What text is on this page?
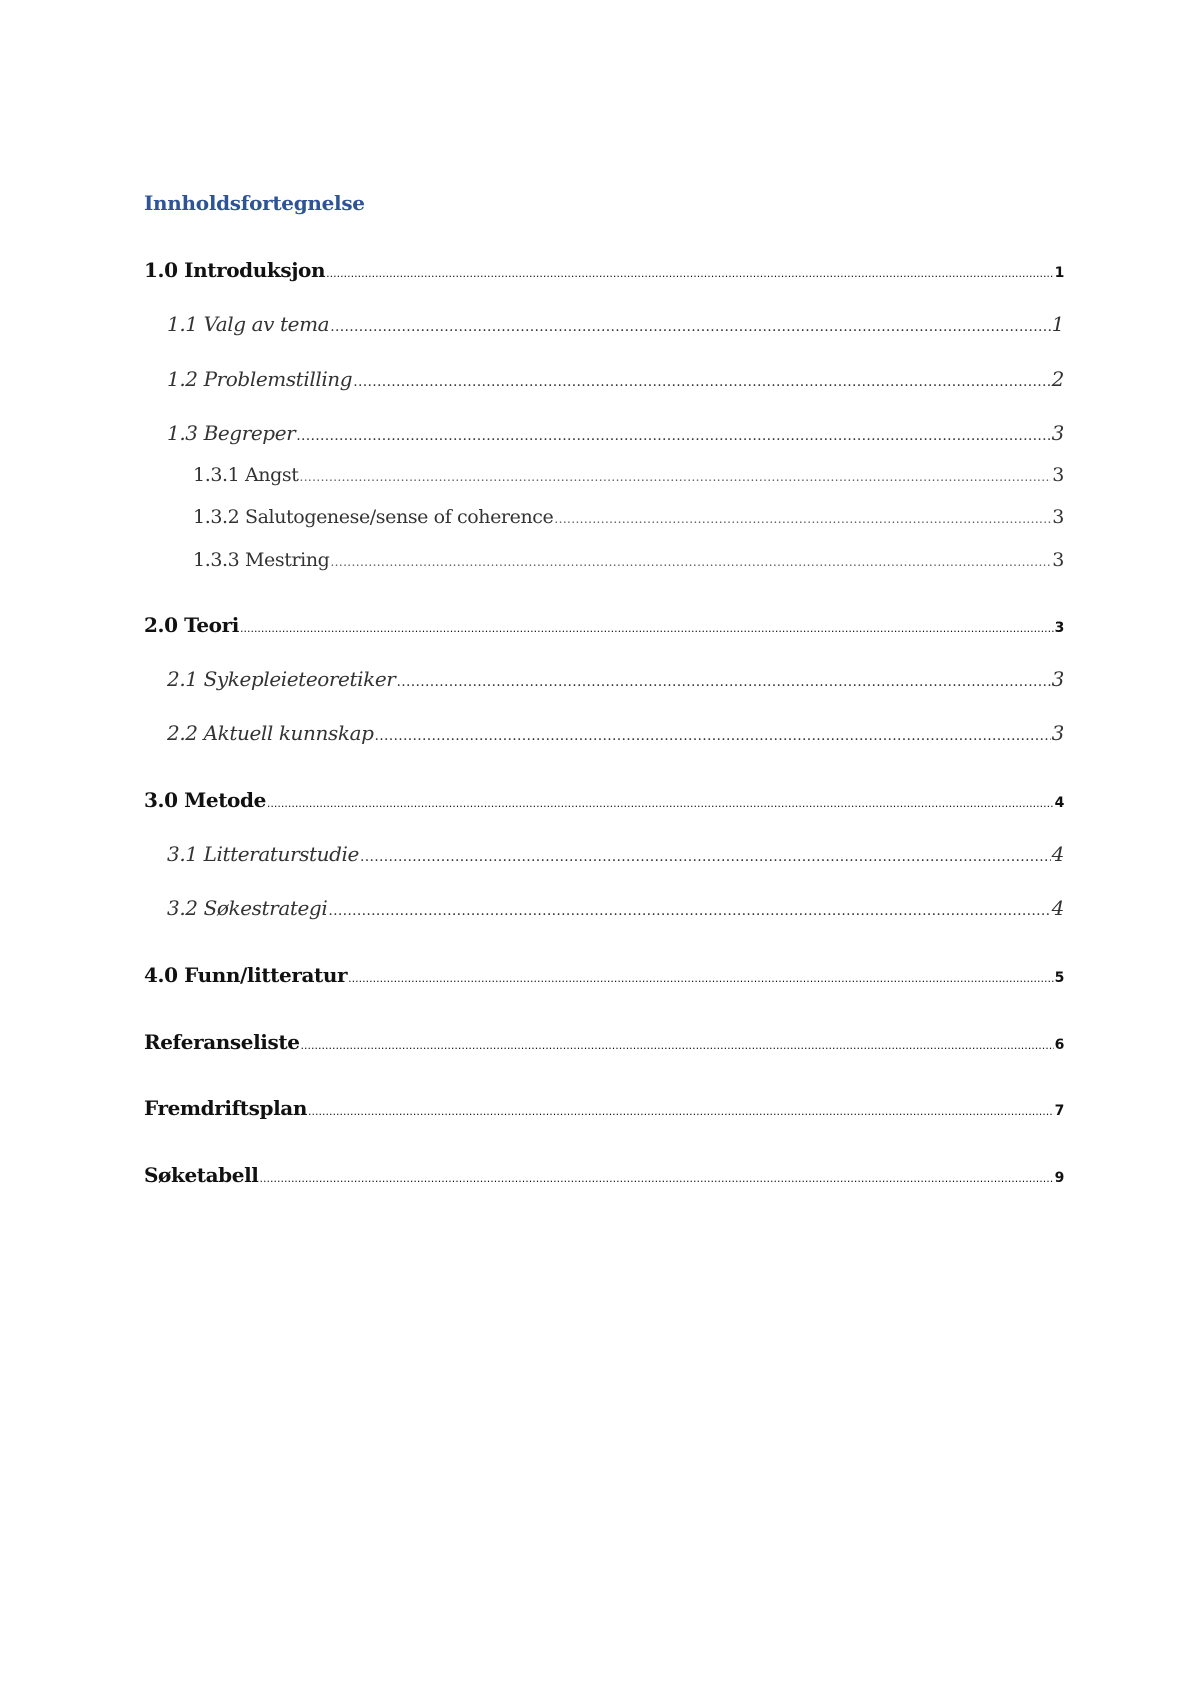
Innholdsfortegnelse
1.0 Introduksjon .....	1
1.1 Valg av tema .....	1
1.2 Problemstilling .....	2
1.3 Begreper .....	3
1.3.1 Angst .....	3
1.3.2 Salutogenese/sense of coherence .....	3
1.3.3 Mestring .....	3
2.0 Teori .....	3
2.1 Sykepleieteoretiker .....	3
2.2 Aktuell kunnskap .....	3
3.0 Metode .....	4
3.1 Litteraturstudie .....	4
3.2 Søkestrategi .....	4
4.0 Funn/litteratur .....	5
Referanseliste .....	6
Fremdriftsplan .....	7
Søketabell .....	9
